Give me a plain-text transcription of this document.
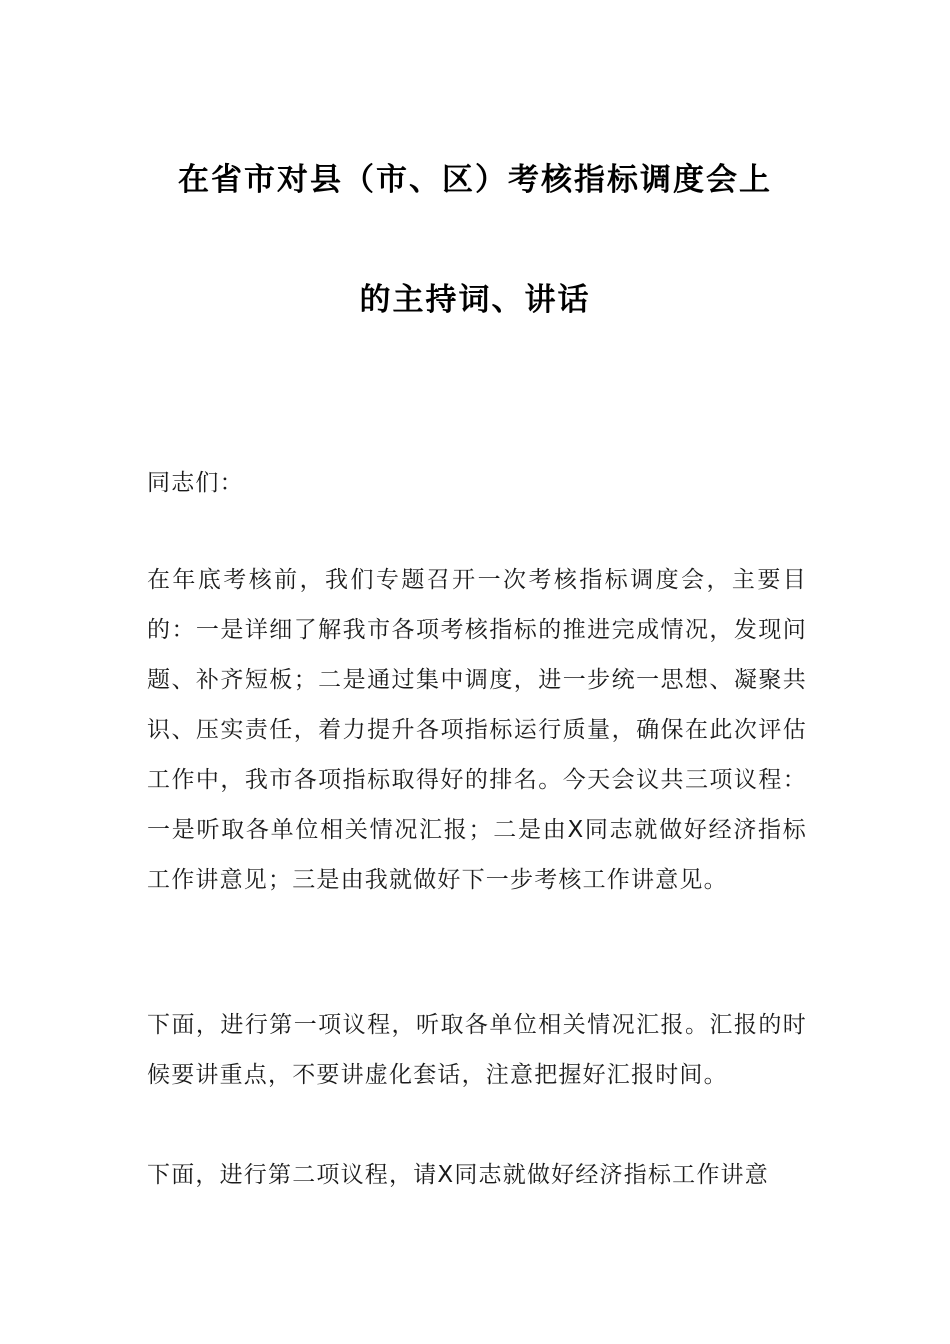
在省市对县（市、区）考核指标调度会上
的主持词、讲话

同志们：

在年底考核前，我们专题召开一次考核指标调度会，主要目的：一是详细了解我市各项考核指标的推进完成情况，发现问题、补齐短板；二是通过集中调度，进一步统一思想、凝聚共识、压实责任，着力提升各项指标运行质量，确保在此次评估工作中，我市各项指标取得好的排名。今天会议共三项议程：一是听取各单位相关情况汇报；二是由X同志就做好经济指标工作讲意见；三是由我就做好下一步考核工作讲意见。

下面，进行第一项议程，听取各单位相关情况汇报。汇报的时候要讲重点，不要讲虚化套话，注意把握好汇报时间。

下面，进行第二项议程，请X同志就做好经济指标工作讲意
